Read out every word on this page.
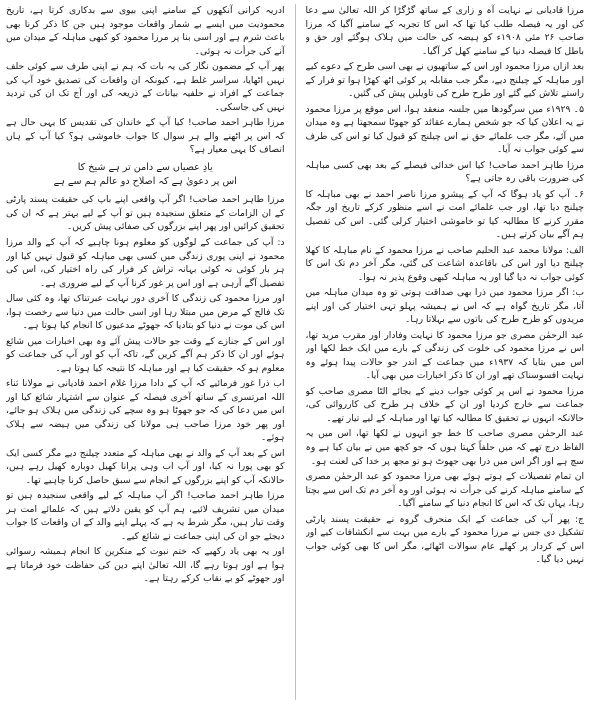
مرزا قادیانی نے نہایت آہ و زاری کے ساتھ گڑگڑا کر اللہ تعالیٰ سے دعا کی اور یہ فیصلہ طلب کیا تھا کہ اس کا تجربہ کے سامنے آگیا کہ مرزا صاحب ۲۶ مئی ۱۹۰۸ء کو ہیضہ کی حالت میں ہلاک ہوگئے اور حق و باطل کا فیصلہ دنیا کے سامنے کھل کر آگیا۔

بعد ازاں مرزا محمود اور اس کے ساتھیوں نے بھی اسی طرح کے دعوے کیے اور مباہلہ کے چیلنج دیے، مگر جب مقابلہ پر کوئی اٹھ کھڑا ہوا تو فرار کے راستے تلاش کیے گئے اور طرح طرح کی تاویلیں پیش کی گئیں۔

۵۔ ۱۹۲۹ء میں سرگودھا میں جلسہ منعقد ہوا، اس موقع پر مرزا محمود نے یہ اعلان کیا کہ جو شخص ہمارے عقائد کو جھوٹا سمجھتا ہے وہ میدان میں آئے، مگر جب علمائے حق نے اس چیلنج کو قبول کیا تو اس کی طرف سے کوئی جواب نہ آیا۔

مرزا طاہر احمد صاحب! کیا اس خدائی فیصلے کے بعد بھی کسی مباہلہ کی ضرورت باقی رہ جاتی ہے؟

۶۔ آپ کو یاد ہوگا کہ آپ کے پیشرو مرزا ناصر احمد نے بھی مباہلہ کا چیلنج دیا تھا، اور جب علمائے امت نے اسے منظور کرکے تاریخ اور جگہ مقرر کرنے کا مطالبہ کیا تو خاموشی اختیار کرلی گئی۔ اس کی تفصیل ہم آگے بیان کرتے ہیں۔

الف: مولانا محمد عبد الحلیم صاحب نے مرزا محمود کے نام مباہلہ کا کھلا چیلنج دیا اور اس کی باقاعدہ اشاعت کی گئی، مگر آخر دم تک اس کا کوئی جواب نہ دیا گیا اور یہ مباہلہ کبھی وقوع پذیر نہ ہوا۔

ب: اگر مرزا محمود میں ذرا بھی صداقت ہوتی تو وہ میدان مباہلہ میں آتا، مگر تاریخ گواہ ہے کہ اس نے ہمیشہ پہلو تہی اختیار کی اور اپنے مریدوں کو طرح طرح کی باتوں سے بہلاتا رہا۔

عبد الرحمٰن مصری جو مرزا محمود کا نہایت وفادار اور مقرب مرید تھا، اس نے مرزا محمود کی خلوت کی زندگی کے بارے میں ایک خط لکھا اور اس میں بتایا کہ ۱۹۳۷ء میں جماعت کے اندر جو حالات پیدا ہوئے وہ نہایت افسوسناک تھے اور ان کا ذکر اخبارات میں بھی آیا۔

مرزا محمود نے اس پر کوئی جواب دینے کے بجائے الٹا مصری صاحب کو جماعت سے خارج کردیا اور ان کے خلاف ہر طرح کی کارروائی کی، حالانکہ انہوں نے تحقیق کا مطالبہ کیا تھا اور مباہلہ کے لیے تیار تھے۔

عبد الرحمٰن مصری صاحب کا خط جو انہوں نے لکھا تھا، اس میں یہ الفاظ درج تھے کہ میں حلفاً کہتا ہوں کہ جو کچھ میں نے بیان کیا ہے وہ سچ ہے اور اگر اس میں ذرا بھی جھوٹ ہو تو مجھ پر خدا کی لعنت ہو۔

ان تمام تفصیلات کے ہوتے ہوئے بھی مرزا محمود کو عبد الرحمٰن مصری کے سامنے مباہلہ کرنے کی جرأت نہ ہوئی اور وہ آخر دم تک اس سے بچتا رہا، یہاں تک کہ اس کا انجام دنیا کے سامنے آگیا۔

ج: پھر آپ کی جماعت کے ایک منحرف گروہ نے حقیقت پسند پارٹی تشکیل دی جس نے مرزا محمود کے بارے میں بہت سے انکشافات کیے اور اس کے کردار پر کھلے عام سوالات اٹھائے، مگر اس کا بھی کوئی جواب نہیں دیا گیا۔

ادریہ کرانی آنکھوں کے سامنے اپنی بیوی سے بدکاری کرتا ہے، تاریخ محمودیت میں ایسے بے شمار واقعات موجود ہیں جن کا ذکر کرنا بھی باعث شرم ہے اور اسی بنا پر مرزا محمود کو کبھی مباہلہ کے میدان میں آنے کی جرأت نہ ہوئی۔

پھر آپ کے مضمون نگار کی یہ بات کہ ہم نے اپنی طرف سے کوئی حلف نہیں اٹھایا، سراسر غلط ہے، کیونکہ ان واقعات کی تصدیق خود آپ کی جماعت کے افراد نے حلفیہ بیانات کے ذریعہ کی اور آج تک ان کی تردید نہیں کی جاسکی۔

مرزا طاہر احمد صاحب! کیا آپ کے خاندان کی تقدیس کا یہی حال ہے کہ اس پر اٹھنے والے ہر سوال کا جواب خاموشی ہو؟ کیا آپ کے ہاں انصاف کا یہی معیار ہے؟

یادِ عصیاں سے دامن تر ہے شیخ کا
اس پر دعویٰ ہے کہ اصلاح دو عالم ہم سے ہے

مرزا طاہر احمد صاحب! اگر آپ واقعی اپنے باپ کی حقیقت پسند پارٹی کے ان الزامات کے متعلق سنجیدہ ہیں تو آپ کے لیے بہتر ہے کہ ان کی تحقیق کرائیں اور پھر اپنے بزرگوں کی صفائی پیش کریں۔

د: آپ کی جماعت کے لوگوں کو معلوم ہونا چاہیے کہ آپ کے والد مرزا محمود نے اپنی پوری زندگی میں کسی بھی مباہلہ کو قبول نہیں کیا اور ہر بار کوئی نہ کوئی بہانہ تراش کر فرار کی راہ اختیار کی، اس کی تفصیل آگے آرہی ہے اور اس پر غور کرنا آپ کے لیے ضروری ہے۔

اور مرزا محمود کی زندگی کا آخری دور نہایت عبرتناک تھا، وہ کئی سال تک فالج کے مرض میں مبتلا رہا اور اسی حالت میں دنیا سے رخصت ہوا، اس کی موت نے دنیا کو بتادیا کہ جھوٹے مدعیوں کا انجام کیا ہوتا ہے۔

اور اس کے جنازے کے وقت جو حالات پیش آئے وہ بھی اخبارات میں شائع ہوئے اور ان کا ذکر ہم آگے کریں گے، تاکہ آپ کو اور آپ کی جماعت کو معلوم ہو کہ حقیقت کیا ہے اور مباہلہ کا نتیجہ کیا ہوتا ہے۔

اب ذرا غور فرمائیے کہ آپ کے دادا مرزا غلام احمد قادیانی نے مولانا ثناء اللہ امرتسری کے ساتھ آخری فیصلہ کے عنوان سے اشتہار شائع کیا اور اس میں دعا کی کہ جو جھوٹا ہو وہ سچے کی زندگی میں ہلاک ہو جائے، اور پھر خود مرزا صاحب ہی مولانا کی زندگی میں ہیضہ سے ہلاک ہوئے۔

اس کے بعد آپ کے والد نے بھی مباہلہ کے متعدد چیلنج دیے مگر کسی ایک کو بھی پورا نہ کیا، اور آپ اب وہی پرانا کھیل دوبارہ کھیل رہے ہیں، حالانکہ آپ کو اپنے بزرگوں کے انجام سے سبق حاصل کرنا چاہیے تھا۔

مرزا طاہر احمد صاحب! اگر آپ مباہلہ کے لیے واقعی سنجیدہ ہیں تو میدان میں تشریف لائیے، ہم آپ کو یقین دلاتے ہیں کہ علمائے امت ہر وقت تیار ہیں، مگر شرط یہ ہے کہ پہلے اپنے والد کے ان واقعات کا جواب دیجئے جو ان کی اپنی جماعت نے شائع کیے۔

اور یہ بھی یاد رکھیے کہ ختم نبوت کے منکرین کا انجام ہمیشہ رسوائی ہوا ہے اور ہوتا رہے گا، اللہ تعالیٰ اپنے دین کی حفاظت خود فرماتا ہے اور جھوٹے کو بے نقاب کرکے رہتا ہے۔
